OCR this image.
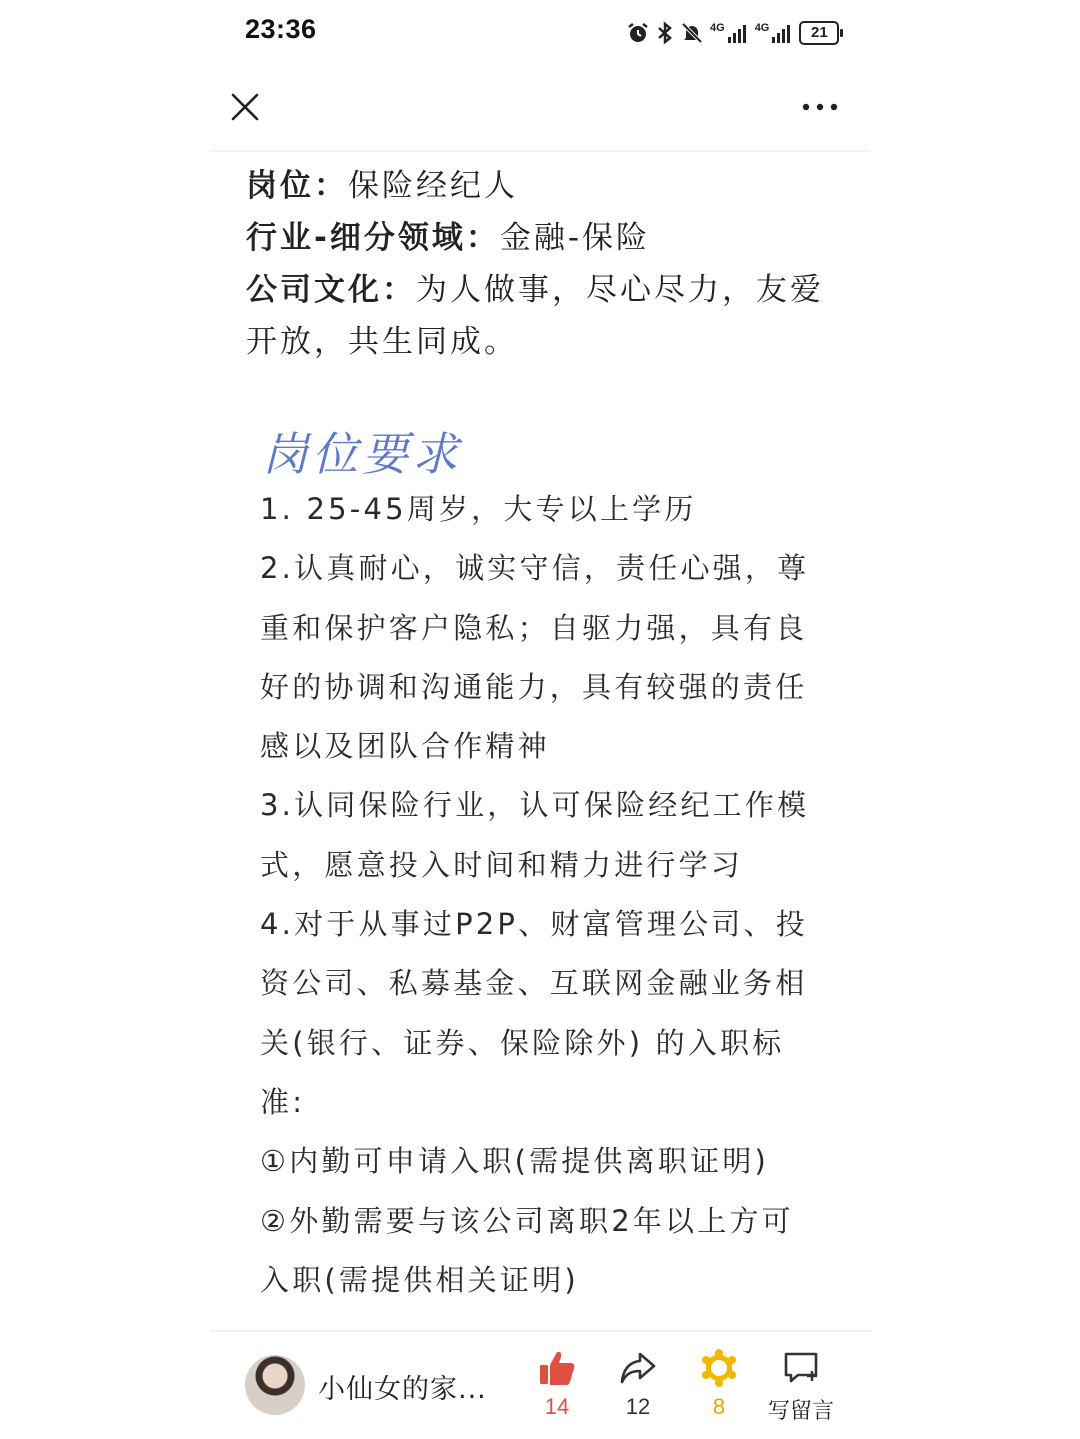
23:36	4G	4G	21

岗位：保险经纪人

行业-细分领域：金融-保险

公司文化：为人做事，尽心尽力，友爱

开放，共生同成。

岗位要求

1. 25-45周岁，大专以上学历

2.认真耐心，诚实守信，责任心强，尊

重和保护客户隐私；自驱力强，具有良

好的协调和沟通能力，具有较强的责任

感以及团队合作精神

3.认同保险行业，认可保险经纪工作模

式，愿意投入时间和精力进行学习

4.对于从事过P2P、财富管理公司、投

资公司、私募基金、互联网金融业务相

关(银行、证券、保险除外) 的入职标

准:

①内勤可申请入职(需提供离职证明)

②外勤需要与该公司离职2年以上方可

入职(需提供相关证明)

小仙女的家...
14	12	8	写留言
